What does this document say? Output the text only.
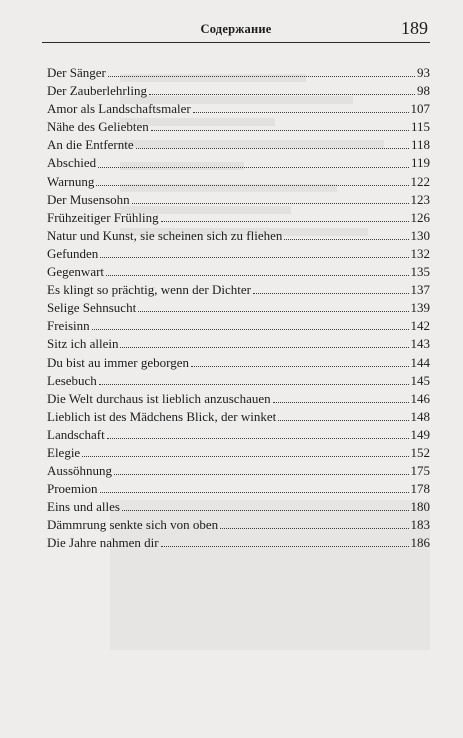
Содержание	189
Der Sänger	93
Der Zauberlehrling	98
Amor als Landschaftsmaler	107
Nähe des Geliebten	115
An die Entfernte	118
Abschied	119
Warnung	122
Der Musensohn	123
Frühzeitiger Frühling	126
Natur und Kunst, sie scheinen sich zu fliehen	130
Gefunden	132
Gegenwart	135
Es klingt so prächtig, wenn der Dichter	137
Selige Sehnsucht	139
Freisinn	142
Sitz ich allein	143
Du bist au immer geborgen	144
Lesebuch	145
Die Welt durchaus ist lieblich anzuschauen	146
Lieblich ist des Mädchens Blick, der winket	148
Landschaft	149
Elegie	152
Aussöhnung	175
Proemion	178
Eins und alles	180
Dämmrung senkte sich von oben	183
Die Jahre nahmen dir	186
